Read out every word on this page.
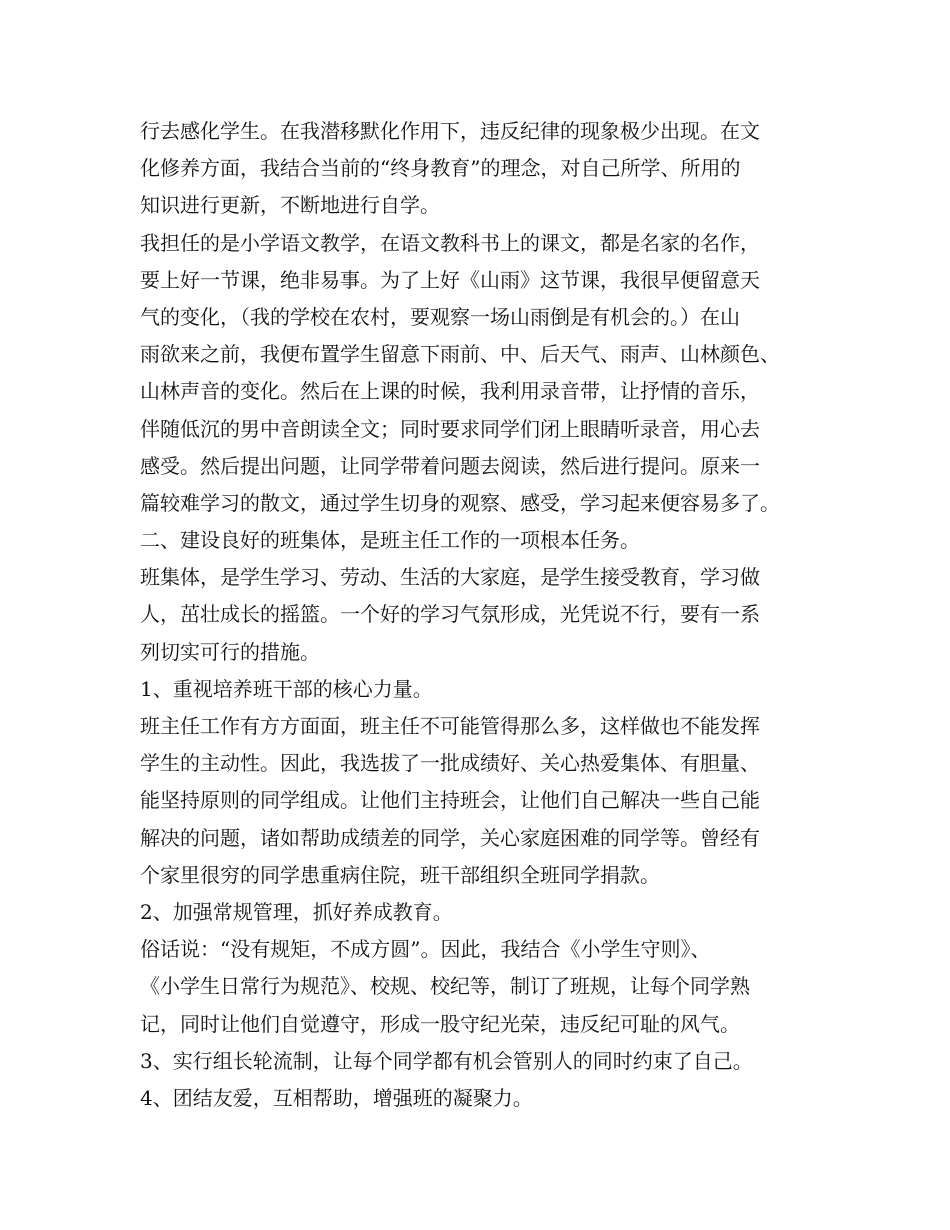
行去感化学生。在我潜移默化作用下，违反纪律的现象极少出现。在文
化修养方面，我结合当前的“终身教育”的理念，对自己所学、所用的
知识进行更新，不断地进行自学。
我担任的是小学语文教学，在语文教科书上的课文，都是名家的名作，
要上好一节课，绝非易事。为了上好《山雨》这节课，我很早便留意天
气的变化，（我的学校在农村，要观察一场山雨倒是有机会的。）在山
雨欲来之前，我便布置学生留意下雨前、中、后天气、雨声、山林颜色、
山林声音的变化。然后在上课的时候，我利用录音带，让抒情的音乐，
伴随低沉的男中音朗读全文；同时要求同学们闭上眼睛听录音，用心去
感受。然后提出问题，让同学带着问题去阅读，然后进行提问。原来一
篇较难学习的散文，通过学生切身的观察、感受，学习起来便容易多了。
二、建设良好的班集体，是班主任工作的一项根本任务。
班集体，是学生学习、劳动、生活的大家庭，是学生接受教育，学习做
人，茁壮成长的摇篮。一个好的学习气氛形成，光凭说不行，要有一系
列切实可行的措施。
1、重视培养班干部的核心力量。
班主任工作有方方面面，班主任不可能管得那么多，这样做也不能发挥
学生的主动性。因此，我选拔了一批成绩好、关心热爱集体、有胆量、
能坚持原则的同学组成。让他们主持班会，让他们自己解决一些自己能
解决的问题，诸如帮助成绩差的同学，关心家庭困难的同学等。曾经有
个家里很穷的同学患重病住院，班干部组织全班同学捐款。
2、加强常规管理，抓好养成教育。
俗话说：“没有规矩，不成方圆”。因此，我结合《小学生守则》、
《小学生日常行为规范》、校规、校纪等，制订了班规，让每个同学熟
记，同时让他们自觉遵守，形成一股守纪光荣，违反纪可耻的风气。
3、实行组长轮流制，让每个同学都有机会管别人的同时约束了自己。
4、团结友爱，互相帮助，增强班的凝聚力。
